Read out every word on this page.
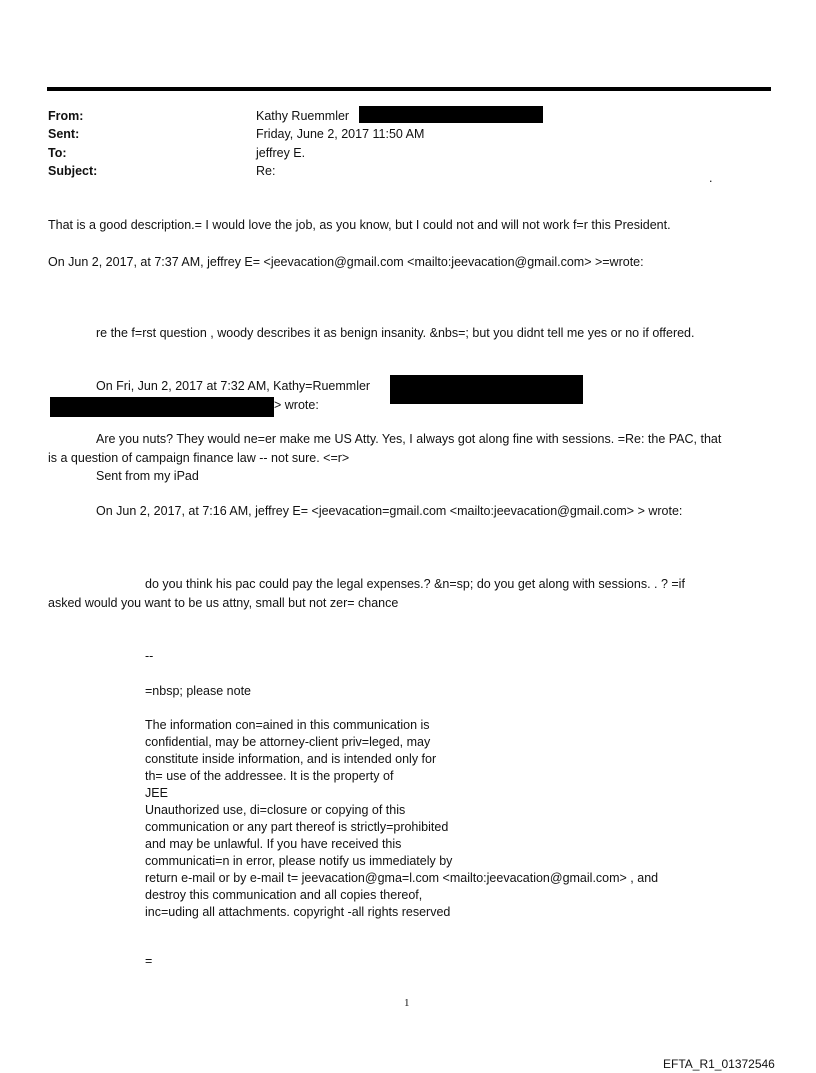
From:	Kathy Ruemmler
Sent:	Friday, June 2, 2017 11:50 AM
To:	jeffrey E.
Subject:	Re:	.
That is a good description.= I would love the job, as you know, but I could not and will not work f=r this President.
On Jun 2, 2017, at 7:37 AM, jeffrey E= <jeevacation@gmail.com <mailto:jeevacation@gmail.com> >=wrote:
re the f=rst question , woody describes it as benign insanity. &nbs=; but you didnt tell me yes or no if offered.
On Fri, Jun 2, 2017 at 7:32 AM, Kathy=Ruemmler
> wrote:
Are you nuts? They would ne=er make me US Atty. Yes, I always got along fine with sessions. =Re: the PAC, that
is a question of campaign finance law -- not sure. <=r>
Sent from my iPad
On Jun 2, 2017, at 7:16 AM, jeffrey E= <jeevacation=gmail.com <mailto:jeevacation@gmail.com> > wrote:
do you think his pac could pay the legal expenses.? &n=sp; do you get along with sessions. . ? =if
asked would you want to be us attny, small but not zer= chance
--
=nbsp; please note
The information con=ained in this communication is
confidential, may be attorney-client priv=leged, may
constitute inside information, and is intended only for
th= use of the addressee. It is the property of
JEE
Unauthorized use, di=closure or copying of this
communication or any part thereof is strictly=prohibited
and may be unlawful. If you have received this
communicati=n in error, please notify us immediately by
return e-mail or by e-mail t= jeevacation@gma=l.com <mailto:jeevacation@gmail.com> , and
destroy this communication and all copies thereof,
inc=uding all attachments. copyright -all rights reserved
=
1
EFTA_R1_01372546
